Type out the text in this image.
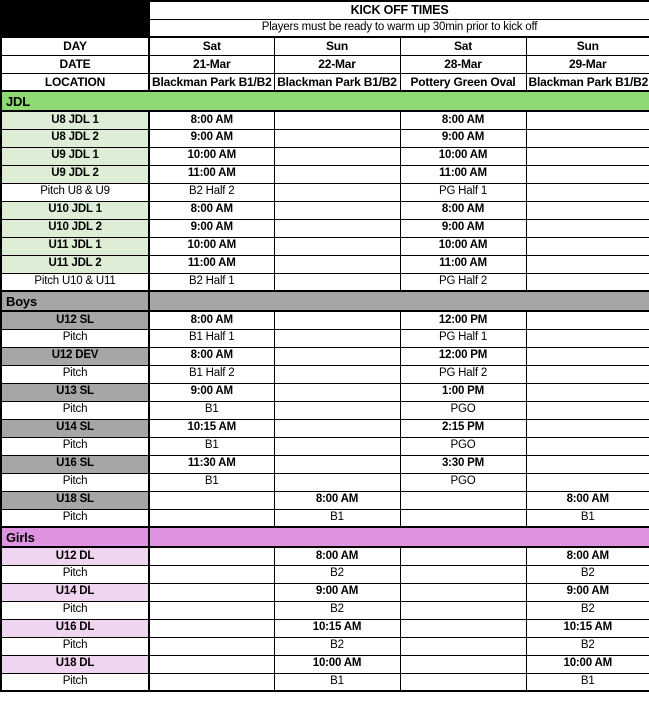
	KICK OFF TIMES			
	Players must be ready to warm up 30min prior to kick off			
DAY	Sat	Sun	Sat	Sun
DATE	21-Mar	22-Mar	28-Mar	29-Mar
LOCATION	Blackman Park B1/B2	Blackman Park B1/B2	Pottery Green Oval	Blackman Park B1/B2
JDL				
U8 JDL 1	8:00 AM		8:00 AM	
U8 JDL 2	9:00 AM		9:00 AM	
U9 JDL 1	10:00 AM		10:00 AM	
U9 JDL 2	11:00 AM		11:00 AM	
Pitch U8 & U9	B2 Half 2		PG Half 1	
U10 JDL 1	8:00 AM		8:00 AM	
U10 JDL 2	9:00 AM		9:00 AM	
U11 JDL 1	10:00 AM		10:00 AM	
U11 JDL 2	11:00 AM		11:00 AM	
Pitch U10 & U11	B2 Half 1		PG Half 2	
Boys				
U12 SL	8:00 AM		12:00 PM	
Pitch	B1 Half 1		PG Half 1	
U12 DEV	8:00 AM		12:00 PM	
Pitch	B1 Half 2		PG Half 2	
U13 SL	9:00 AM		1:00 PM	
Pitch	B1		PGO	
U14 SL	10:15 AM		2:15 PM	
Pitch	B1		PGO	
U16 SL	11:30 AM		3:30 PM	
Pitch	B1		PGO	
U18 SL		8:00 AM		8:00 AM
Pitch		B1		B1
Girls				
U12 DL		8:00 AM		8:00 AM
Pitch		B2		B2
U14 DL		9:00 AM		9:00 AM
Pitch		B2		B2
U16 DL		10:15 AM		10:15 AM
Pitch		B2		B2
U18 DL		10:00 AM		10:00 AM
Pitch		B1		B1
